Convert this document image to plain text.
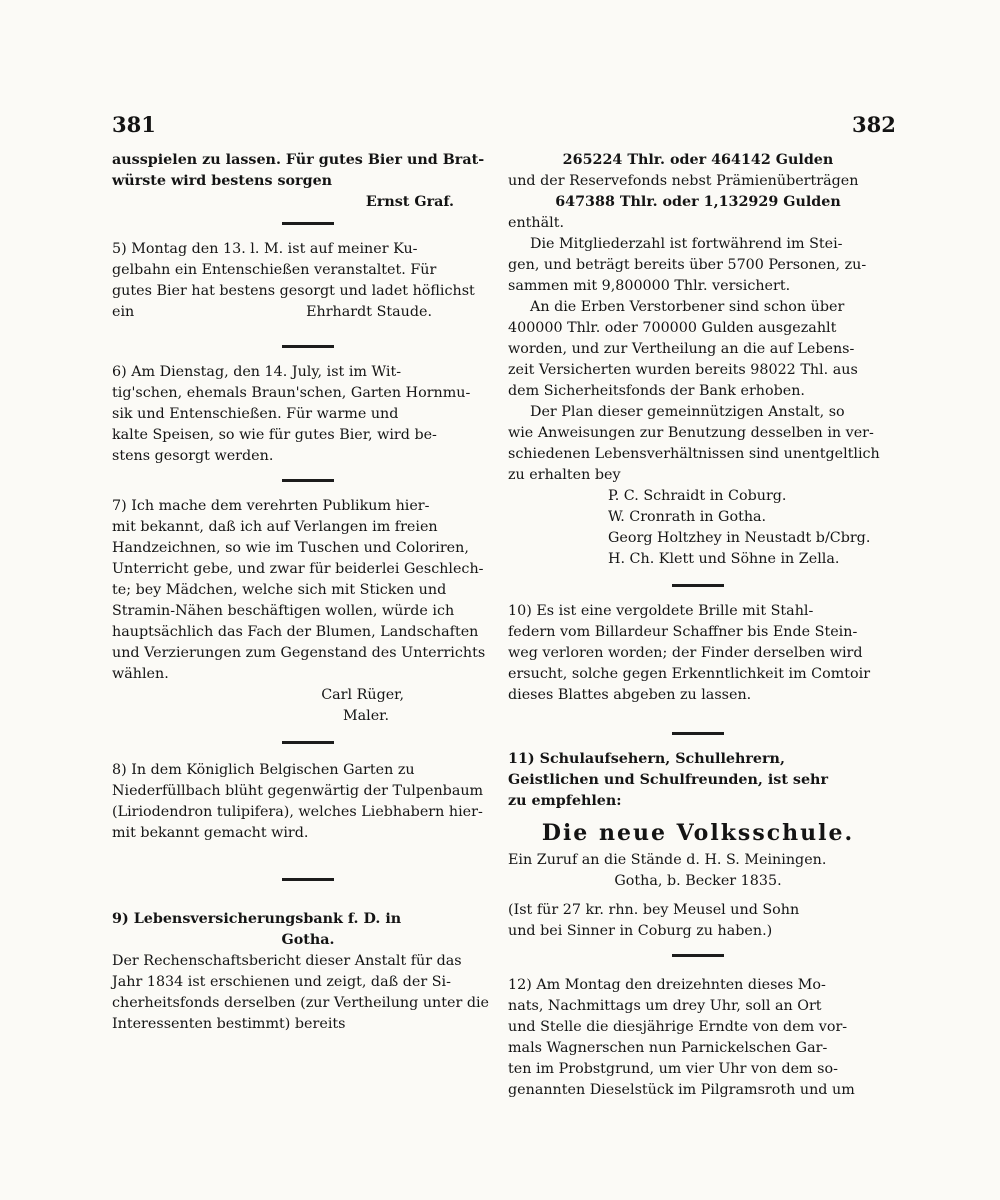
381	382

ausspielen zu lassen. Für gutes Bier und Brat-

würste wird bestens sorgen

Ernst Graf.

5) Montag den 13. l. M. ist auf meiner Ku-

gelbahn ein Entenschießen veranstaltet. Für

gutes Bier hat bestens gesorgt und ladet höflichst

ein	Ehrhardt Staude.

6) Am Dienstag, den 14. July, ist im Wit-

tig'schen, ehemals Braun'schen, Garten Hornmu-

sik und Entenschießen. Für warme und

kalte Speisen, so wie für gutes Bier, wird be-

stens gesorgt werden.

7) Ich mache dem verehrten Publikum hier-

mit bekannt, daß ich auf Verlangen im freien

Handzeichnen, so wie im Tuschen und Coloriren,

Unterricht gebe, und zwar für beiderlei Geschlech-

te; bey Mädchen, welche sich mit Sticken und

Stramin-Nähen beschäftigen wollen, würde ich

hauptsächlich das Fach der Blumen, Landschaften

und Verzierungen zum Gegenstand des Unterrichts

wählen.

Carl Rüger,

Maler.

8) In dem Königlich Belgischen Garten zu

Niederfüllbach blüht gegenwärtig der Tulpenbaum

(Liriodendron tulipifera), welches Liebhabern hier-

mit bekannt gemacht wird.

9) Lebensversicherungsbank f. D. in

Gotha.

Der Rechenschaftsbericht dieser Anstalt für das

Jahr 1834 ist erschienen und zeigt, daß der Si-

cherheitsfonds derselben (zur Vertheilung unter die

Interessenten bestimmt) bereits

265224 Thlr. oder 464142 Gulden

und der Reservefonds nebst Prämienüberträgen

647388 Thlr. oder 1,132929 Gulden

enthält.

Die Mitgliederzahl ist fortwährend im Stei-

gen, und beträgt bereits über 5700 Personen, zu-

sammen mit 9,800000 Thlr. versichert.

An die Erben Verstorbener sind schon über

400000 Thlr. oder 700000 Gulden ausgezahlt

worden, und zur Vertheilung an die auf Lebens-

zeit Versicherten wurden bereits 98022 Thl. aus

dem Sicherheitsfonds der Bank erhoben.

Der Plan dieser gemeinnützigen Anstalt, so

wie Anweisungen zur Benutzung desselben in ver-

schiedenen Lebensverhältnissen sind unentgeltlich

zu erhalten bey

P. C. Schraidt in Coburg.

W. Cronrath in Gotha.

Georg Holtzhey in Neustadt b/Cbrg.

H. Ch. Klett und Söhne in Zella.

10) Es ist eine vergoldete Brille mit Stahl-

federn vom Billardeur Schaffner bis Ende Stein-

weg verloren worden; der Finder derselben wird

ersucht, solche gegen Erkenntlichkeit im Comtoir

dieses Blattes abgeben zu lassen.

11) Schulaufsehern, Schullehrern,

Geistlichen und Schulfreunden, ist sehr

zu empfehlen:

Die neue Volksschule.

Ein Zuruf an die Stände d. H. S. Meiningen.

Gotha, b. Becker 1835.

(Ist für 27 kr. rhn. bey Meusel und Sohn

und bei Sinner in Coburg zu haben.)

12) Am Montag den dreizehnten dieses Mo-

nats, Nachmittags um drey Uhr, soll an Ort

und Stelle die diesjährige Erndte von dem vor-

mals Wagnerschen nun Parnickelschen Gar-

ten im Probstgrund, um vier Uhr von dem so-

genannten Dieselstück im Pilgramsroth und um
